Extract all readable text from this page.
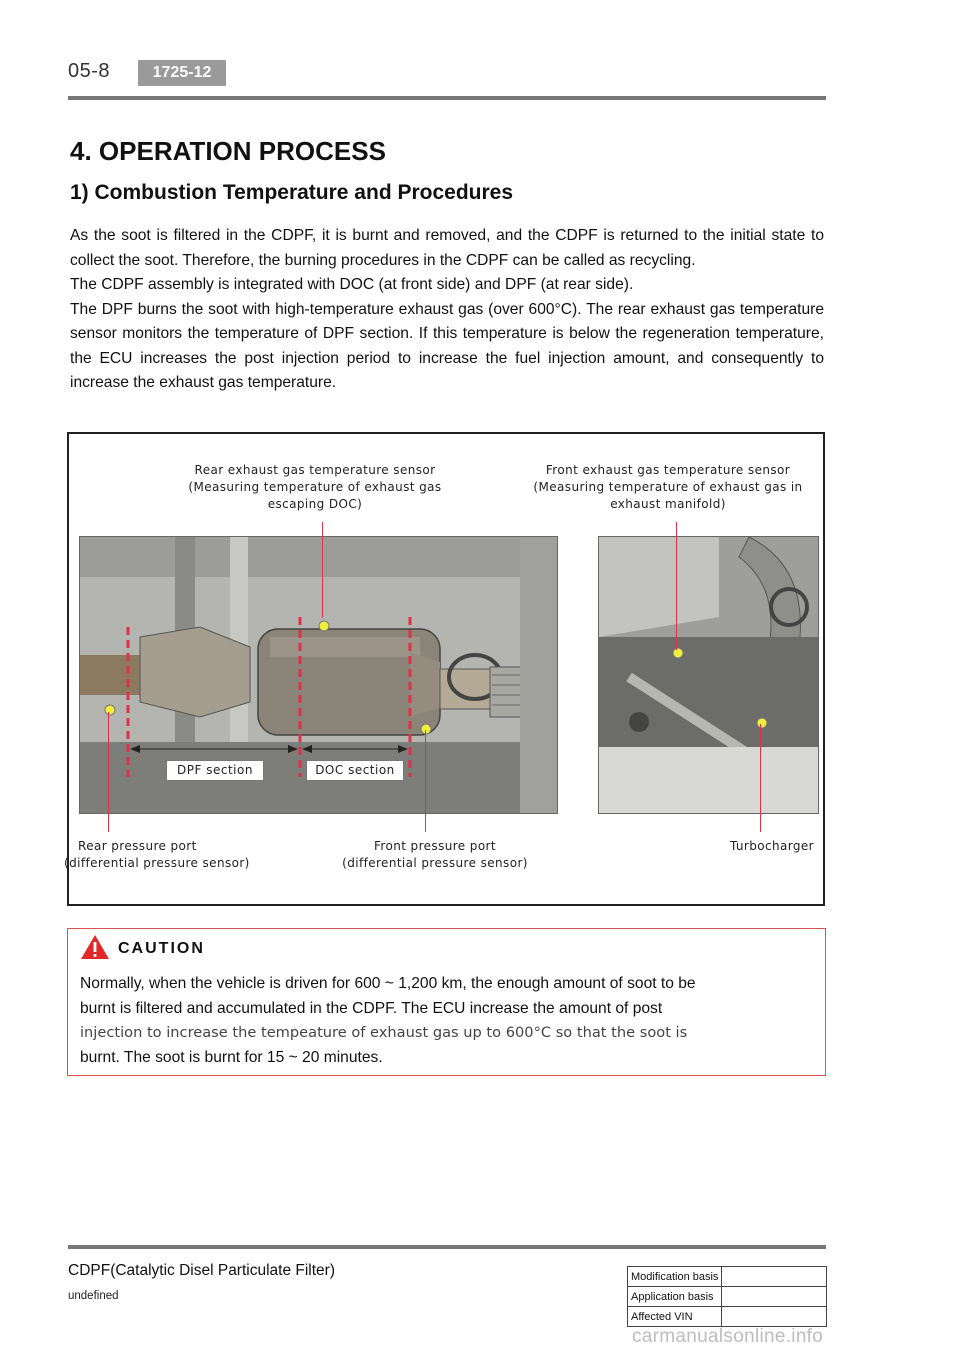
05-8	1725-12
4. OPERATION PROCESS
1) Combustion Temperature and Procedures

As the soot is filtered in the CDPF, it is burnt and removed, and the CDPF is returned to the initial state to collect the soot. Therefore, the burning procedures in the CDPF can be called as recycling.

The CDPF assembly is integrated with DOC (at front side) and DPF (at rear side).

The DPF burns the soot with high-temperature exhaust gas (over 600°C). The rear exhaust gas temperature sensor monitors the temperature of DPF section. If this temperature is below the regeneration temperature, the ECU increases the post injection period to increase the fuel injection amount, and consequently to increase the exhaust gas temperature.

Rear exhaust gas temperature sensor
(Measuring temperature of exhaust gas
escaping DOC)
Front exhaust gas temperature sensor
(Measuring temperature of exhaust gas in
exhaust manifold)
DPF section	DOC section
Rear pressure port
(differential pressure sensor)
Front pressure port
(differential pressure sensor)
Turbocharger
CAUTION
Normally, when the vehicle is driven for 600 ~ 1,200 km, the enough amount of soot to be
burnt is filtered and accumulated in the CDPF. The ECU increase the amount of post
injection to increase the tempeature of exhaust gas up to 600°C so that the soot is
burnt. The soot is burnt for 15 ~ 20 minutes.
CDPF(Catalytic Disel Particulate Filter)
undefined
Modification basis	
Application basis	
Affected VIN	
carmanualsonline.info
